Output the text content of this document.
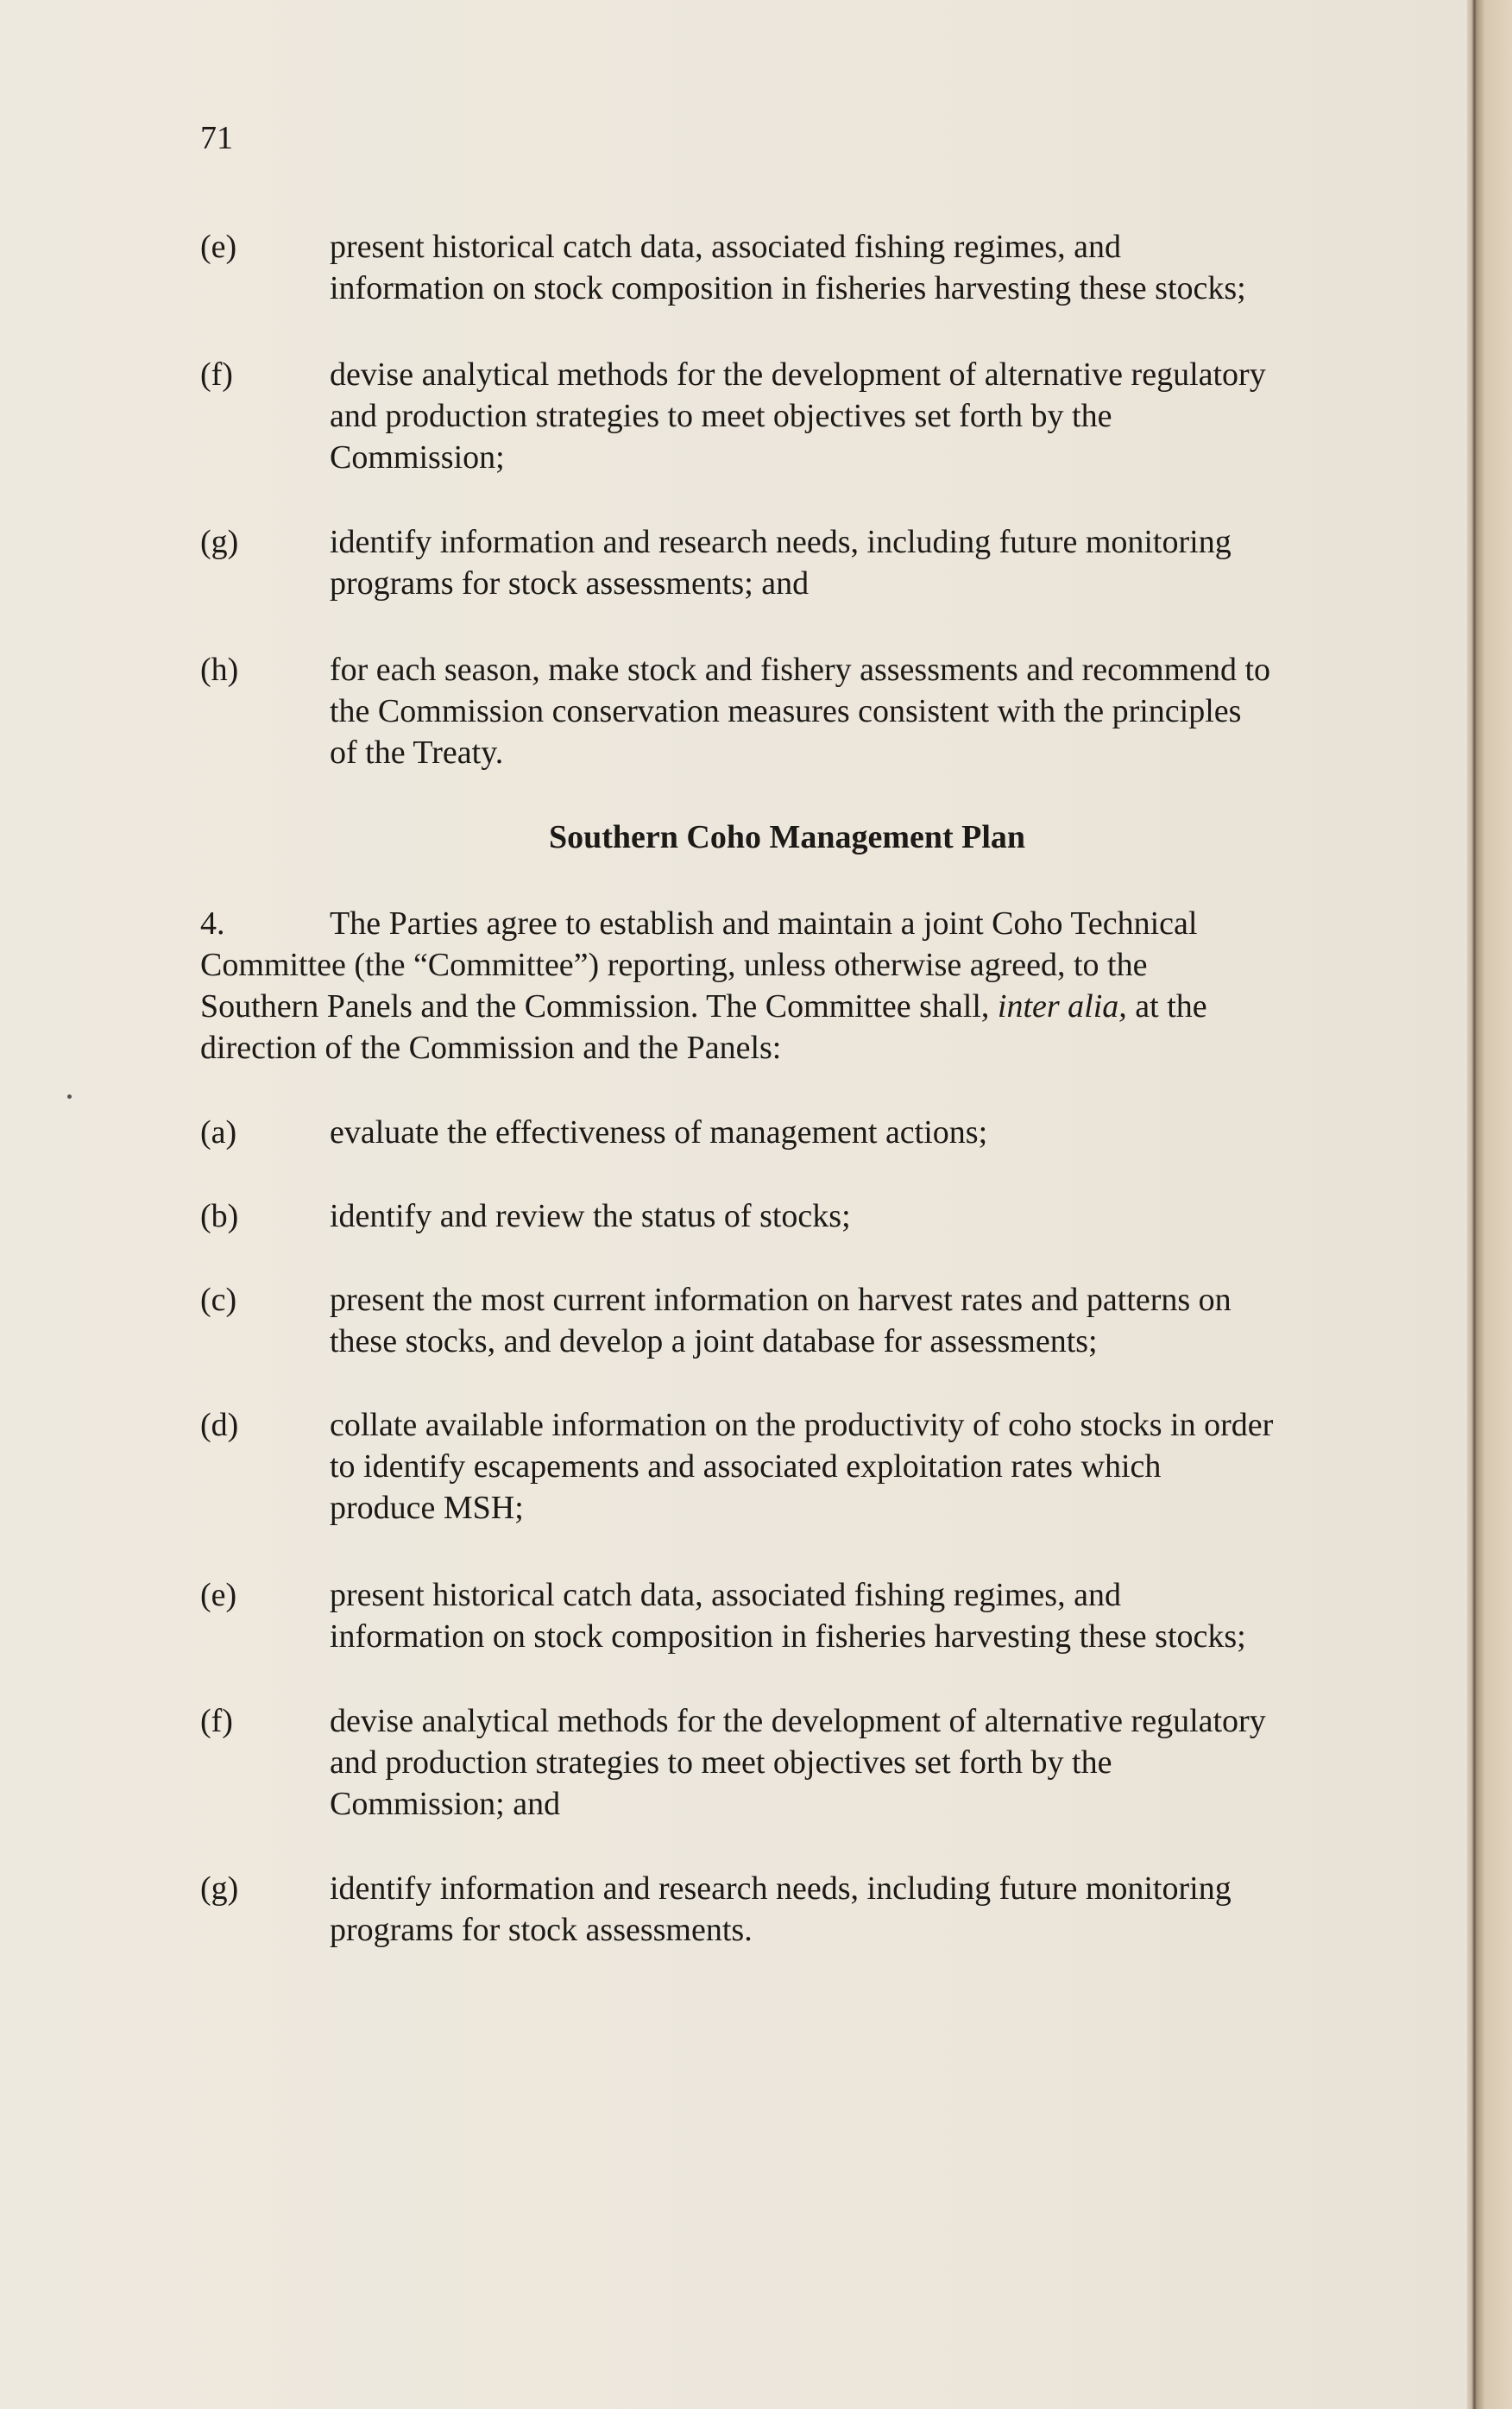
71
(e)	present historical catch data, associated fishing regimes, and
information on stock composition in fisheries harvesting these stocks;
(f)	devise analytical methods for the development of alternative regulatory
and production strategies to meet objectives set forth by the
Commission;
(g)	identify information and research needs, including future monitoring
programs for stock assessments; and
(h)	for each season, make stock and fishery assessments and recommend to
the Commission conservation measures consistent with the principles
of the Treaty.
Southern Coho Management Plan
4.	The Parties agree to establish and maintain a joint Coho Technical
Committee (the “Committee”) reporting, unless otherwise agreed, to the
Southern Panels and the Commission. The Committee shall, inter alia, at the
direction of the Commission and the Panels:
(a)	evaluate the effectiveness of management actions;
(b)	identify and review the status of stocks;
(c)	present the most current information on harvest rates and patterns on
these stocks, and develop a joint database for assessments;
(d)	collate available information on the productivity of coho stocks in order
to identify escapements and associated exploitation rates which
produce MSH;
(e)	present historical catch data, associated fishing regimes, and
information on stock composition in fisheries harvesting these stocks;
(f)	devise analytical methods for the development of alternative regulatory
and production strategies to meet objectives set forth by the
Commission; and
(g)	identify information and research needs, including future monitoring
programs for stock assessments.
